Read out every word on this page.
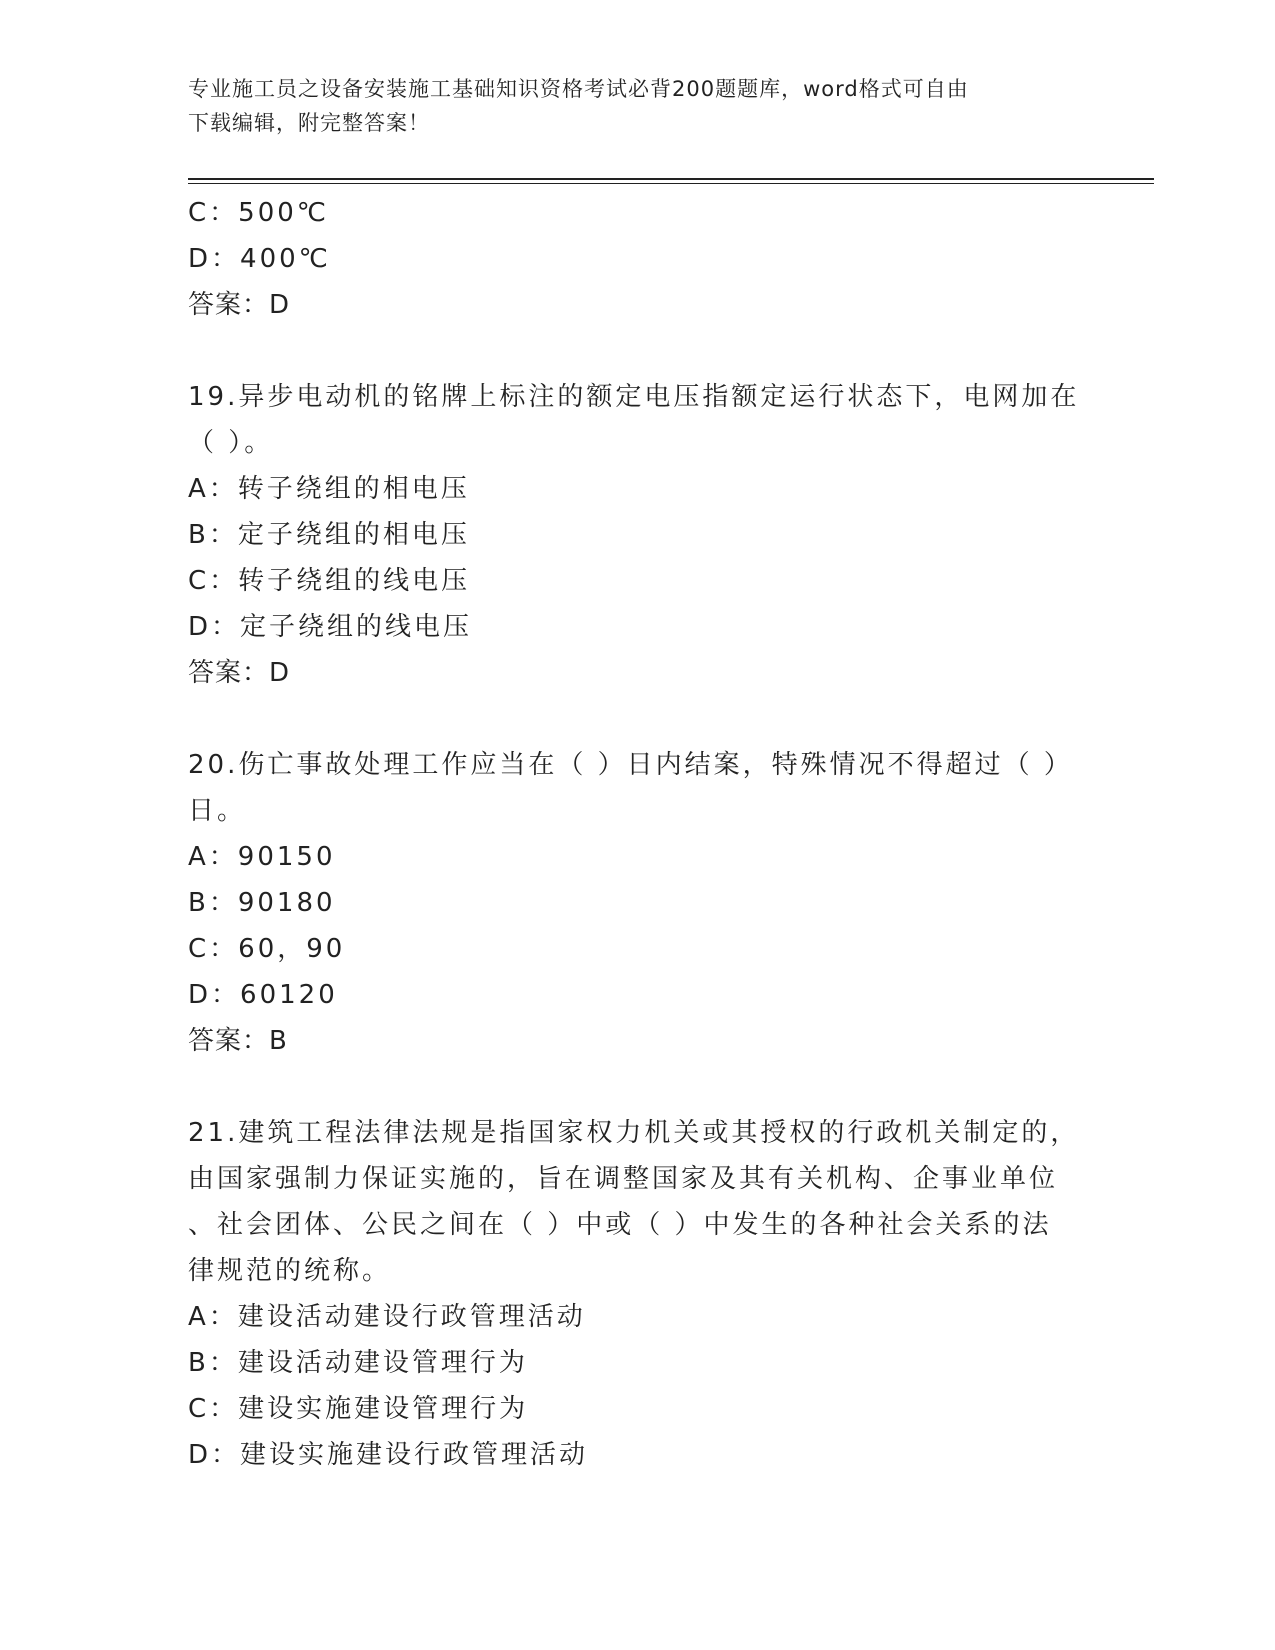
专业施工员之设备安装施工基础知识资格考试必背200题题库，word格式可自由
下载编辑，附完整答案！
C：500℃
D：400℃
答案：D
19.异步电动机的铭牌上标注的额定电压指额定运行状态下，电网加在
（ ）。
A：转子绕组的相电压
B：定子绕组的相电压
C：转子绕组的线电压
D：定子绕组的线电压
答案：D
20.伤亡事故处理工作应当在（ ）日内结案，特殊情况不得超过（ ）
日。
A：90150
B：90180
C：60，90
D：60120
答案：B
21.建筑工程法律法规是指国家权力机关或其授权的行政机关制定的，
由国家强制力保证实施的，旨在调整国家及其有关机构、企事业单位
、社会团体、公民之间在（ ）中或（ ）中发生的各种社会关系的法
律规范的统称。
A：建设活动建设行政管理活动
B：建设活动建设管理行为
C：建设实施建设管理行为
D：建设实施建设行政管理活动
